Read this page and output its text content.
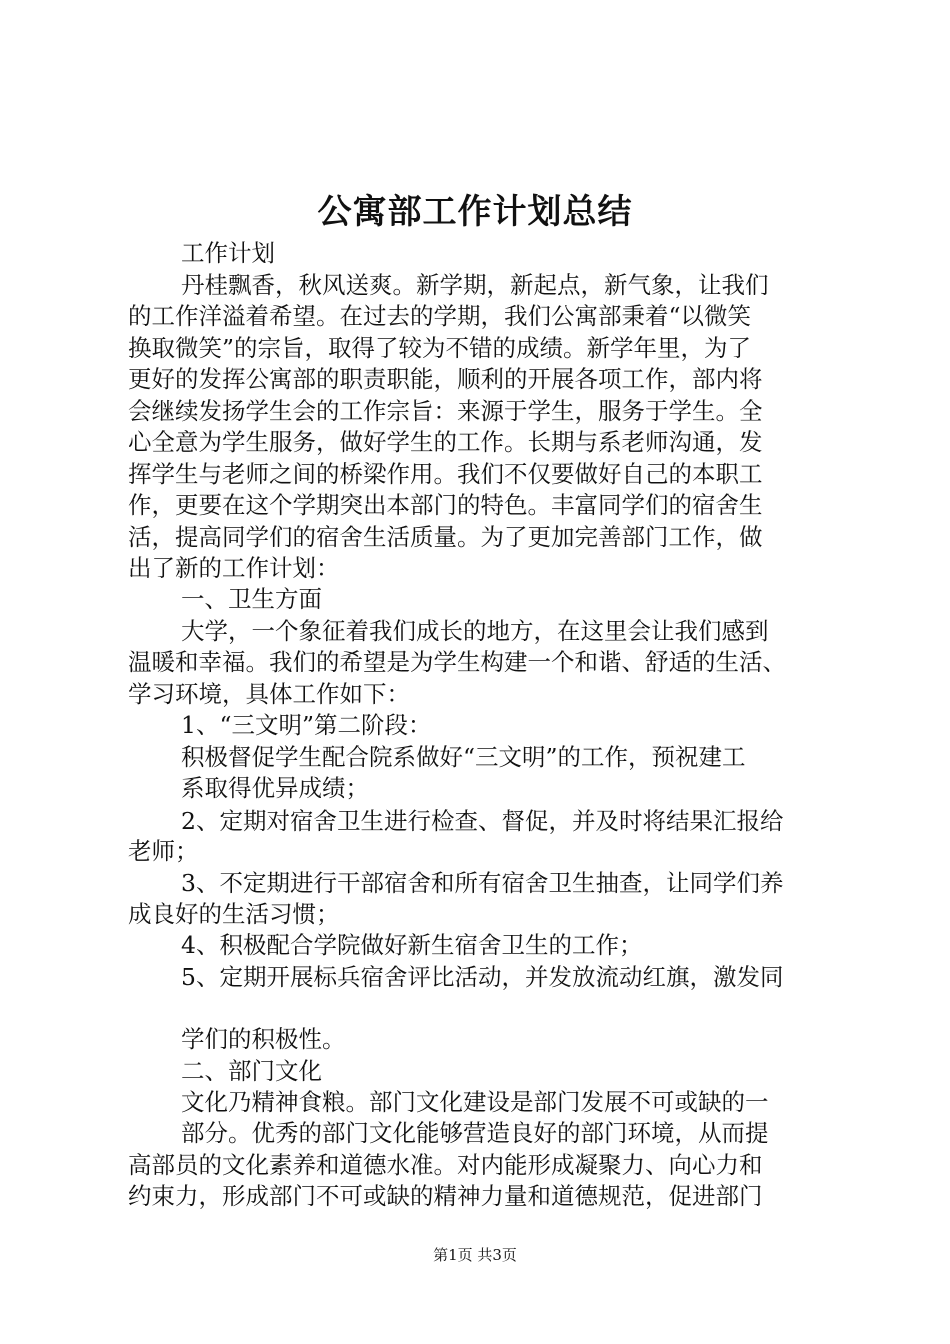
公寓部工作计划总结
工作计划
丹桂飘香，秋风送爽。新学期，新起点，新气象，让我们
的工作洋溢着希望。在过去的学期，我们公寓部秉着“以微笑
换取微笑”的宗旨，取得了较为不错的成绩。新学年里，为了
更好的发挥公寓部的职责职能，顺利的开展各项工作，部内将
会继续发扬学生会的工作宗旨：来源于学生，服务于学生。全
心全意为学生服务，做好学生的工作。长期与系老师沟通，发
挥学生与老师之间的桥梁作用。我们不仅要做好自己的本职工
作，更要在这个学期突出本部门的特色。丰富同学们的宿舍生
活，提高同学们的宿舍生活质量。为了更加完善部门工作，做
出了新的工作计划：
一、卫生方面
大学，一个象征着我们成长的地方，在这里会让我们感到
温暖和幸福。我们的希望是为学生构建一个和谐、舒适的生活、
学习环境，具体工作如下：
1、“三文明”第二阶段：
积极督促学生配合院系做好“三文明”的工作，预祝建工
系取得优异成绩；
2、定期对宿舍卫生进行检查、督促，并及时将结果汇报给
老师；
3、不定期进行干部宿舍和所有宿舍卫生抽查，让同学们养
成良好的生活习惯；
4、积极配合学院做好新生宿舍卫生的工作；
5、定期开展标兵宿舍评比活动，并发放流动红旗，激发同
学们的积极性。
二、部门文化
文化乃精神食粮。部门文化建设是部门发展不可或缺的一
部分。优秀的部门文化能够营造良好的部门环境，从而提
高部员的文化素养和道德水准。对内能形成凝聚力、向心力和
约束力，形成部门不可或缺的精神力量和道德规范，促进部门
第1页 共3页
